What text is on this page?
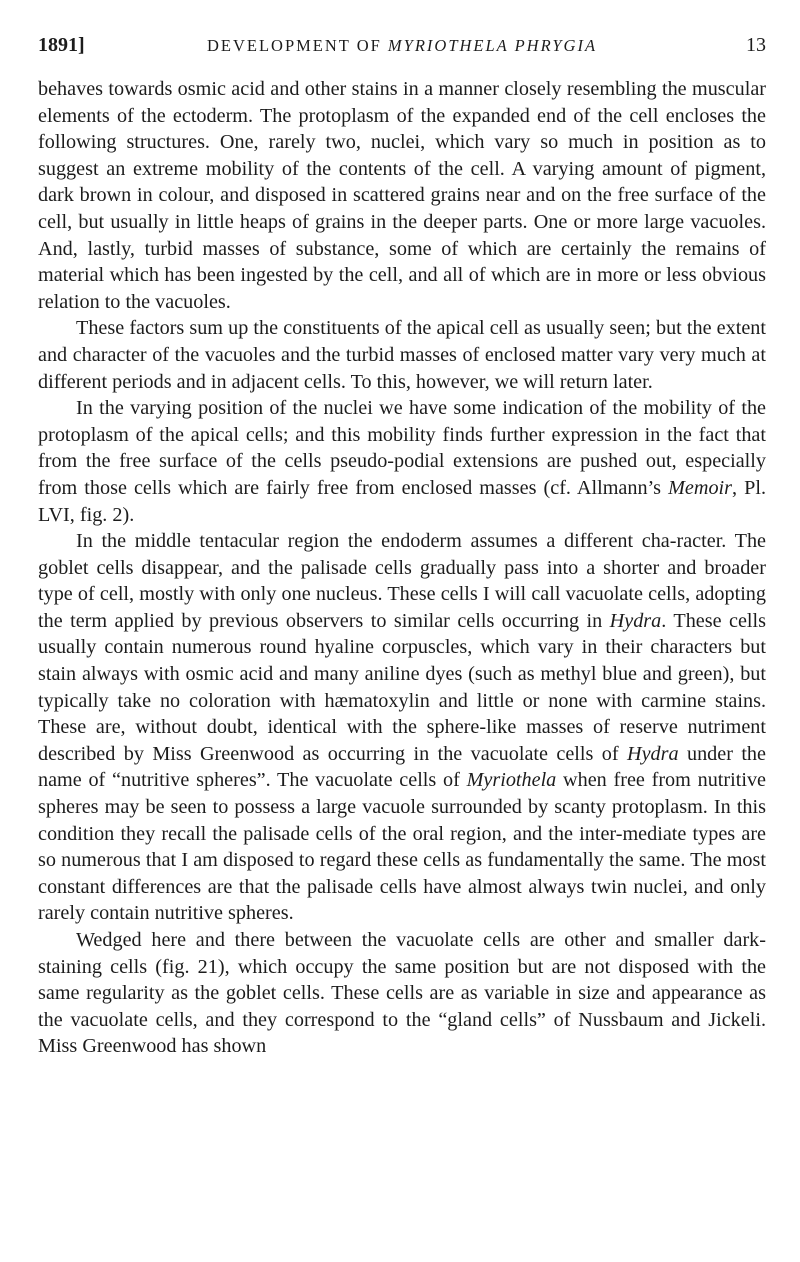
1891]	DEVELOPMENT OF MYRIOTHELA PHRYGIA	13

behaves towards osmic acid and other stains in a manner closely resembling the muscular elements of the ectoderm. The protoplasm of the expanded end of the cell encloses the following structures. One, rarely two, nuclei, which vary so much in position as to suggest an extreme mobility of the contents of the cell. A varying amount of pigment, dark brown in colour, and disposed in scattered grains near and on the free surface of the cell, but usually in little heaps of grains in the deeper parts. One or more large vacuoles. And, lastly, turbid masses of substance, some of which are certainly the remains of material which has been ingested by the cell, and all of which are in more or less obvious relation to the vacuoles.

These factors sum up the constituents of the apical cell as usually seen; but the extent and character of the vacuoles and the turbid masses of enclosed matter vary very much at different periods and in adjacent cells. To this, however, we will return later.

In the varying position of the nuclei we have some indication of the mobility of the protoplasm of the apical cells; and this mobility finds further expression in the fact that from the free surface of the cells pseudo-podial extensions are pushed out, especially from those cells which are fairly free from enclosed masses (cf. Allmann’s Memoir, Pl. LVI, fig. 2).

In the middle tentacular region the endoderm assumes a different cha-racter. The goblet cells disappear, and the palisade cells gradually pass into a shorter and broader type of cell, mostly with only one nucleus. These cells I will call vacuolate cells, adopting the term applied by previous observers to similar cells occurring in Hydra. These cells usually contain numerous round hyaline corpuscles, which vary in their characters but stain always with osmic acid and many aniline dyes (such as methyl blue and green), but typically take no coloration with hæmatoxylin and little or none with carmine stains. These are, without doubt, identical with the sphere-like masses of reserve nutriment described by Miss Greenwood as occurring in the vacuolate cells of Hydra under the name of “nutritive spheres”. The vacuolate cells of Myriothela when free from nutritive spheres may be seen to possess a large vacuole surrounded by scanty protoplasm. In this condition they recall the palisade cells of the oral region, and the inter-mediate types are so numerous that I am disposed to regard these cells as fundamentally the same. The most constant differences are that the palisade cells have almost always twin nuclei, and only rarely contain nutritive spheres.

Wedged here and there between the vacuolate cells are other and smaller dark-staining cells (fig. 21), which occupy the same position but are not disposed with the same regularity as the goblet cells. These cells are as variable in size and appearance as the vacuolate cells, and they correspond to the “gland cells” of Nussbaum and Jickeli. Miss Greenwood has shown
